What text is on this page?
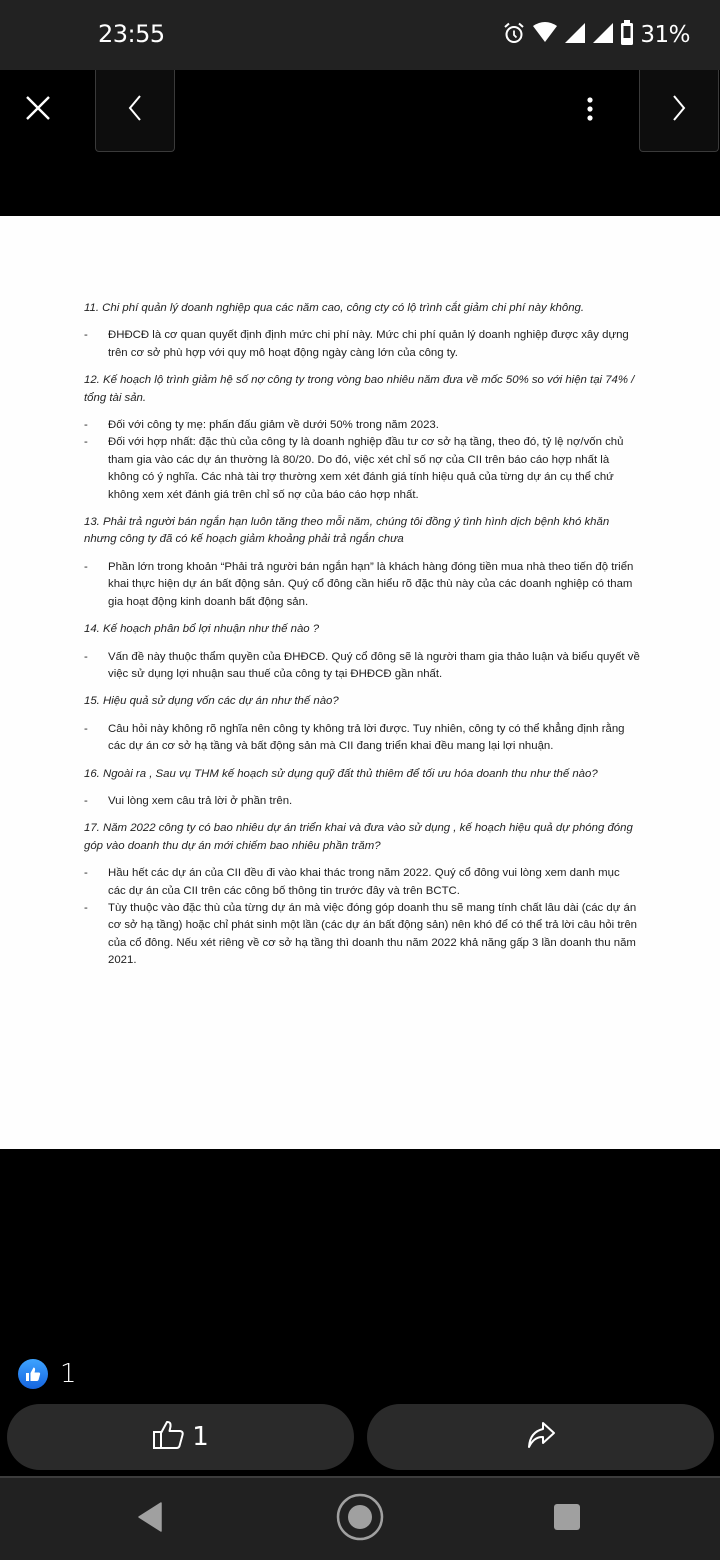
23:55	31%
11. Chi phí quản lý doanh nghiệp qua các năm cao, công cty có lộ trình cắt giảm chi phí này không.
- ĐHĐCĐ là cơ quan quyết định định mức chi phí này. Mức chi phí quản lý doanh nghiệp được xây dựng trên cơ sở phù hợp với quy mô hoạt động ngày càng lớn của công ty.
12. Kế hoạch lộ trình giảm hệ số nợ công ty trong vòng bao nhiêu năm đưa về mốc 50% so với hiện tại 74% / tổng tài sản.
- Đối với công ty mẹ: phấn đấu giảm về dưới 50% trong năm 2023.
- Đối với hợp nhất: đặc thù của công ty là doanh nghiệp đầu tư cơ sở hạ tầng, theo đó, tỷ lệ nợ/vốn chủ tham gia vào các dự án thường là 80/20. Do đó, việc xét chỉ số nợ của CII trên báo cáo hợp nhất là không có ý nghĩa. Các nhà tài trợ thường xem xét đánh giá tính hiệu quả của từng dự án cụ thể chứ không xem xét đánh giá trên chỉ số nợ của báo cáo hợp nhất.
13. Phải trả người bán ngắn hạn luôn tăng theo mỗi năm, chúng tôi đồng ý tình hình dịch bệnh khó khăn nhưng công ty đã có kế hoạch giảm khoảng phải trả ngắn chưa
- Phần lớn trong khoản “Phải trả người bán ngắn hạn” là khách hàng đóng tiền mua nhà theo tiến độ triển khai thực hiện dự án bất động sản. Quý cổ đông cần hiểu rõ đặc thù này của các doanh nghiệp có tham gia hoạt động kinh doanh bất động sản.
14. Kế hoạch phân bổ lợi nhuận như thế nào ?
- Vấn đề này thuộc thẩm quyền của ĐHĐCĐ. Quý cổ đông sẽ là người tham gia thảo luận và biểu quyết về việc sử dụng lợi nhuận sau thuế của công ty tại ĐHĐCĐ gần nhất.
15. Hiệu quả sử dụng vốn các dự án như thế nào?
- Câu hỏi này không rõ nghĩa nên công ty không trả lời được. Tuy nhiên, công ty có thể khẳng định rằng các dự án cơ sở hạ tầng và bất động sản mà CII đang triển khai đều mang lại lợi nhuận.
16. Ngoài ra , Sau vụ THM kế hoạch sử dụng quỹ đất thủ thiêm để tối ưu hóa doanh thu như thế nào?
- Vui lòng xem câu trả lời ở phần trên.
17. Năm 2022 công ty có bao nhiêu dự án triển khai và đưa vào sử dụng , kế hoạch hiệu quả dự phóng đóng góp vào doanh thu dự án mới chiếm bao nhiêu phần trăm?
- Hầu hết các dự án của CII đều đi vào khai thác trong năm 2022. Quý cổ đông vui lòng xem danh mục các dự án của CII trên các công bố thông tin trước đây và trên BCTC.
- Tùy thuộc vào đặc thù của từng dự án mà việc đóng góp doanh thu sẽ mang tính chất lâu dài (các dự án cơ sở hạ tầng) hoặc chỉ phát sinh một lần (các dự án bất động sản) nên khó để có thể trả lời câu hỏi trên của cổ đông. Nếu xét riêng về cơ sở hạ tầng thì doanh thu năm 2022 khả năng gấp 3 lần doanh thu năm 2021.
1
1
